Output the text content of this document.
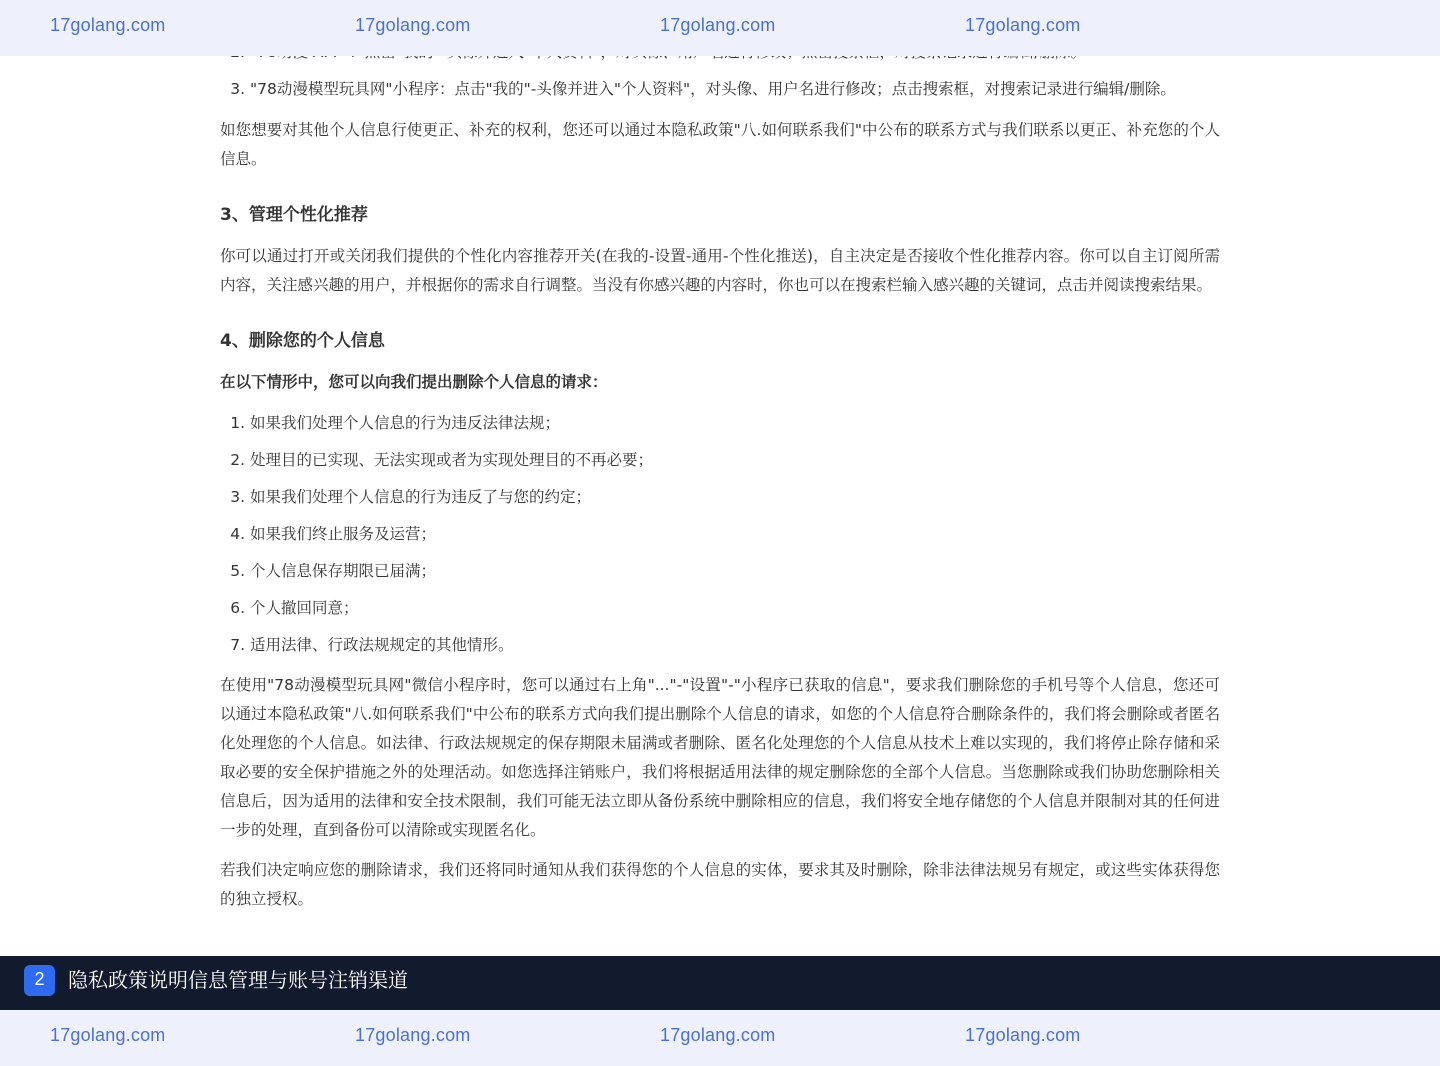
17golang.com	17golang.com	17golang.com	17golang.com
2.
3. "78动漫模型玩具网"小程序：点击"我的"-头像并进入"个人资料"，对头像、用户名进行修改；点击搜索框，对搜索记录进行编辑/删除。

如您想要对其他个人信息行使更正、补充的权利，您还可以通过本隐私政策"八.如何联系我们"中公布的联系方式与我们联系以更正、补充您的个人信息。

3、管理个性化推荐

你可以通过打开或关闭我们提供的个性化内容推荐开关(在我的-设置-通用-个性化推送)，自主决定是否接收个性化推荐内容。你可以自主订阅所需内容，关注感兴趣的用户，并根据你的需求自行调整。当没有你感兴趣的内容时，你也可以在搜索栏输入感兴趣的关键词，点击并阅读搜索结果。

4、删除您的个人信息

在以下情形中，您可以向我们提出删除个人信息的请求：

1. 如果我们处理个人信息的行为违反法律法规；
2. 处理目的已实现、无法实现或者为实现处理目的不再必要；
3. 如果我们处理个人信息的行为违反了与您的约定；
4. 如果我们终止服务及运营；
5. 个人信息保存期限已届满；
6. 个人撤回同意；
7. 适用法律、行政法规规定的其他情形。

在使用"78动漫模型玩具网"微信小程序时，您可以通过右上角"..."-"设置"-"小程序已获取的信息"，要求我们删除您的手机号等个人信息，您还可以通过本隐私政策"八.如何联系我们"中公布的联系方式向我们提出删除个人信息的请求，如您的个人信息符合删除条件的，我们将会删除或者匿名化处理您的个人信息。如法律、行政法规规定的保存期限未届满或者删除、匿名化处理您的个人信息从技术上难以实现的，我们将停止除存储和采取必要的安全保护措施之外的处理活动。如您选择注销账户，我们将根据适用法律的规定删除您的全部个人信息。当您删除或我们协助您删除相关信息后，因为适用的法律和安全技术限制，我们可能无法立即从备份系统中删除相应的信息，我们将安全地存储您的个人信息并限制对其的任何进一步的处理，直到备份可以清除或实现匿名化。

若我们决定响应您的删除请求，我们还将同时通知从我们获得您的个人信息的实体，要求其及时删除，除非法律法规另有规定，或这些实体获得您的独立授权。

2	隐私政策说明信息管理与账号注销渠道
17golang.com	17golang.com	17golang.com	17golang.com
